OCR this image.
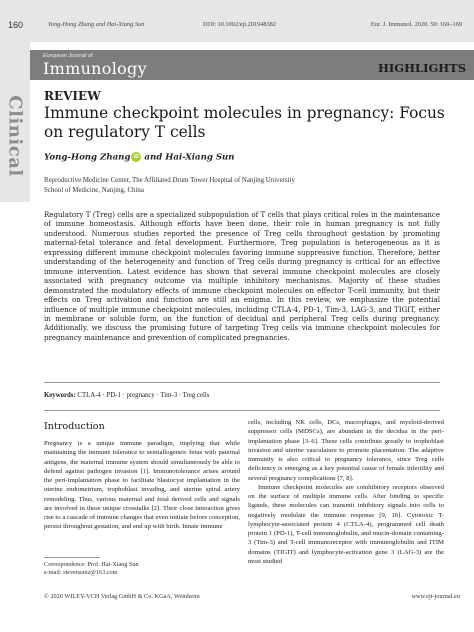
160	Yong-Hong Zhang and Hai-Xiang Sun	DOI: 10.1002/eji.201948382	Eur. J. Immunol. 2020. 50: 160–169
Clinical
European Journal of
Immunology	HIGHLIGHTS
REVIEW
Immune checkpoint molecules in pregnancy: Focus on regulatory T cells
Yong-Hong Zhang iD and Hai-Xiang Sun
Reproductive Medicine Center, The Affiliated Drum Tower Hospital of Nanjing University
School of Medicine, Nanjing, China

Regulatory T (Treg) cells are a specialized subpopulation of T cells that plays critical roles in the maintenance of immune homeostasis. Although efforts have been done, their role in human pregnancy is not fully understood. Numerous studies reported the presence of Treg cells throughout gestation by promoting maternal-fetal tolerance and fetal development. Furthermore, Treg population is heterogeneous as it is expressing different immune checkpoint molecules favoring immune suppressive function. Therefore, better understanding of the heterogeneity and function of Treg cells during pregnancy is critical for an effective immune intervention. Latest evidence has shown that several immune checkpoint molecules are closely associated with pregnancy outcome via multiple inhibitory mechanisms. Majority of these studies demonstrated the modulatory effects of immune checkpoint molecules on effector T-cell immunity, but their effects on Treg activation and function are still an enigma. In this review, we emphasize the potential influence of multiple immune checkpoint molecules, including CTLA-4, PD-1, Tim-3, LAG-3, and TIGIT, either in membrane or soluble form, on the function of decidual and peripheral Treg cells during pregnancy. Additionally, we discuss the promising future of targeting Treg cells via immune checkpoint molecules for pregnancy maintenance and prevention of complicated pregnancies.

Keywords: CTLA-4 · PD-1 · pregnancy · Tim-3 · Treg cells
Introduction

Pregnancy is a unique immune paradigm, implying that while maintaining the immune tolerance to semiallogeneic fetus with paternal antigens, the maternal immune system should simultaneously be able to defend against pathogen invasion [1]. Immunotolerance arises around the peri-implantation phase to facilitate blastocyst implantation in the uterine endometrium, trophoblast invading, and uterine spiral artery remodeling. Thus, various maternal and fetal derived cells and signals are involved in these unique crosstalks [2]. Their close interaction gives rise to a cascade of immune changes that even initiate before conception, persist throughout gestation, and end up with birth. Innate immune

cells, including NK cells, DCs, macrophages, and myeloid-derived suppressor cells (MDSCs), are abundant in the decidua in the peri-implantation phase [3–6]. These cells contribute greatly to trophoblast invasion and uterine vasculature to promote placentation. The adaptive immunity is also critical to pregnancy tolerance, since Treg cells deficiency is emerging as a key potential cause of female infertility and several pregnancy complications [7, 8].

Immune checkpoint molecules are coinhibitory receptors observed on the surface of multiple immune cells. After binding to specific ligands, these molecules can transmit inhibitory signals into cells to negatively modulate the immune response [9, 10]. Cytotoxic T-lymphocyte-associated protein 4 (CTLA-4), programmed cell death protein 1 (PD-1), T-cell immunoglobulin, and mucin-domain containing-3 (Tim-3) and T-cell immunoreceptor with immunoglobulin and ITIM domains (TIGIT) and lymphocyte-activation gene 3 (LAG-3) are the most studied

Correspondence: Prof. Hai-Xiang Sun
e-mail: stevensunz@163.com
© 2020 WILEY-VCH Verlag GmbH & Co. KGaA, Weinheim	www.eji-journal.eu
